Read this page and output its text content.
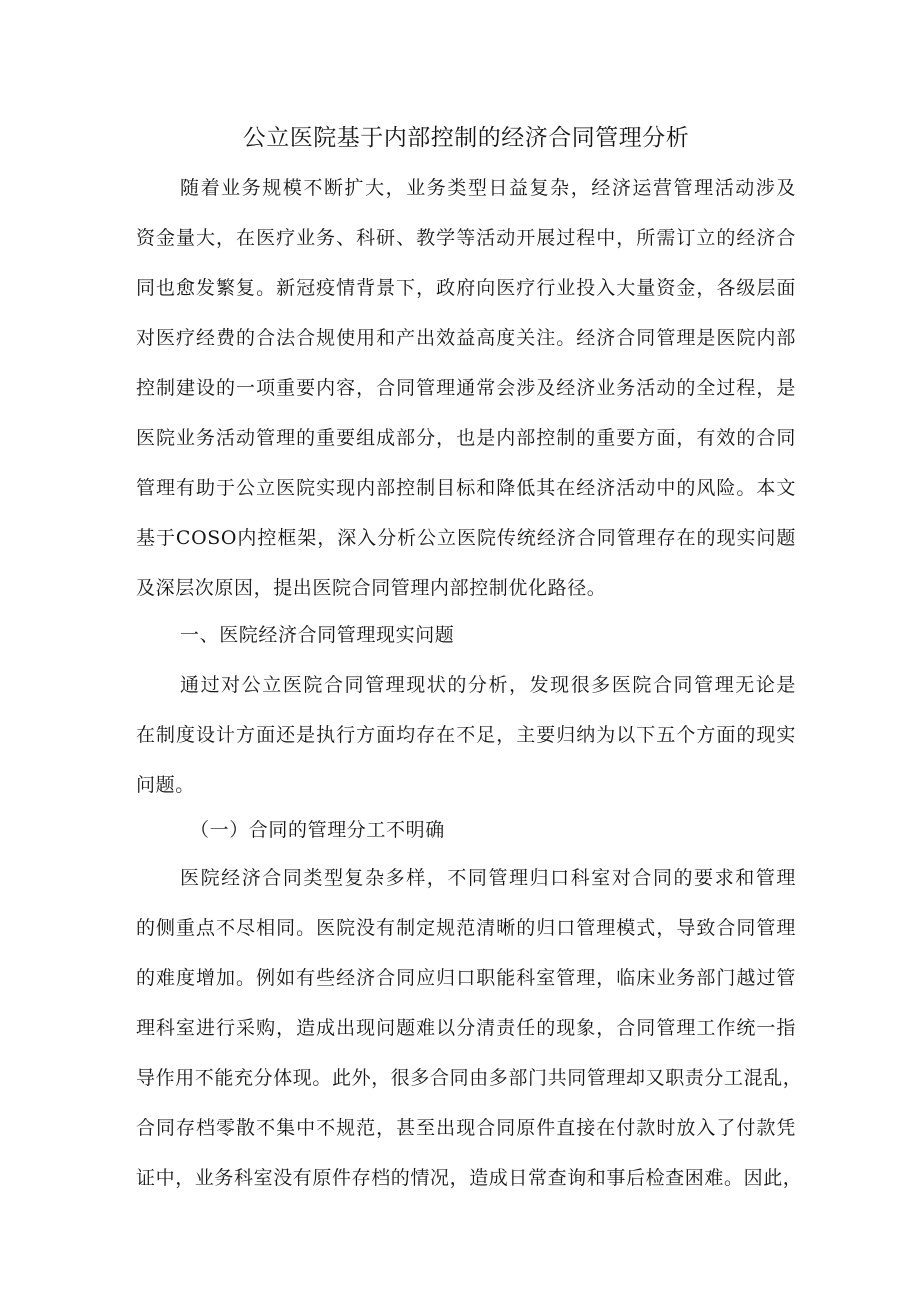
公立医院基于内部控制的经济合同管理分析
随着业务规模不断扩大，业务类型日益复杂，经济运营管理活动涉及
资金量大，在医疗业务、科研、教学等活动开展过程中，所需订立的经济合
同也愈发繁复。新冠疫情背景下，政府向医疗行业投入大量资金，各级层面
对医疗经费的合法合规使用和产出效益高度关注。经济合同管理是医院内部
控制建设的一项重要内容，合同管理通常会涉及经济业务活动的全过程，是
医院业务活动管理的重要组成部分，也是内部控制的重要方面，有效的合同
管理有助于公立医院实现内部控制目标和降低其在经济活动中的风险。本文
基于COSO内控框架，深入分析公立医院传统经济合同管理存在的现实问题
及深层次原因，提出医院合同管理内部控制优化路径。
一、医院经济合同管理现实问题
通过对公立医院合同管理现状的分析，发现很多医院合同管理无论是
在制度设计方面还是执行方面均存在不足，主要归纳为以下五个方面的现实
问题。
（一）合同的管理分工不明确
医院经济合同类型复杂多样，不同管理归口科室对合同的要求和管理
的侧重点不尽相同。医院没有制定规范清晰的归口管理模式，导致合同管理
的难度增加。例如有些经济合同应归口职能科室管理，临床业务部门越过管
理科室进行采购，造成出现问题难以分清责任的现象，合同管理工作统一指
导作用不能充分体现。此外，很多合同由多部门共同管理却又职责分工混乱，
合同存档零散不集中不规范，甚至出现合同原件直接在付款时放入了付款凭
证中，业务科室没有原件存档的情况，造成日常查询和事后检查困难。因此，
